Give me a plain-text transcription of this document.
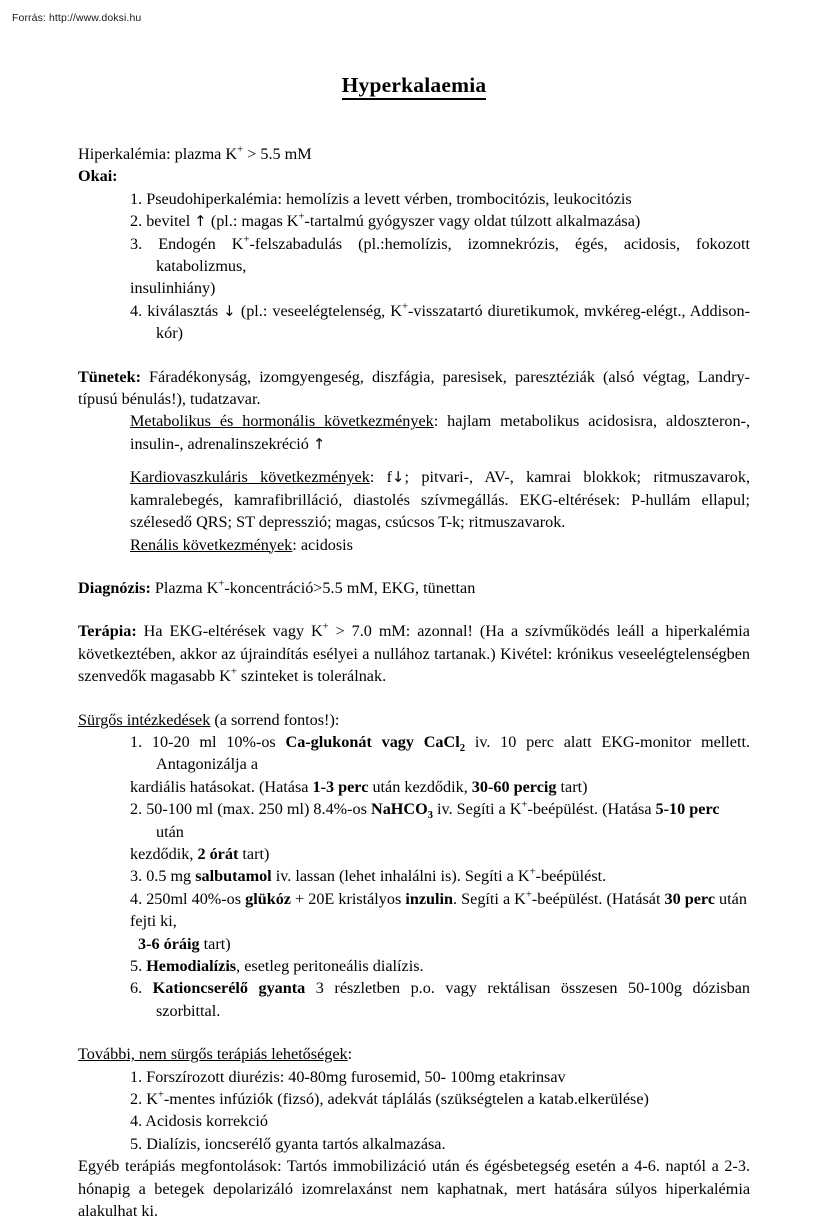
Forrás: http://www.doksi.hu
Hyperkalaemia

Hiperkalémia: plazma K+ > 5.5 mM

Okai:

1. Pseudohiperkalémia: hemolízis a levett vérben, trombocitózis, leukocitózis

2. bevitel ↑ (pl.: magas K+-tartalmú gyógyszer vagy oldat túlzott alkalmazása)

3. Endogén K+-felszabadulás (pl.:hemolízis, izomnekrózis, égés, acidosis, fokozott katabolizmus,

insulinhiány)

4. kiválasztás ↓ (pl.: veseelégtelenség, K+-visszatartó diuretikumok, mvkéreg-elégt., Addison-kór)

Tünetek: Fáradékonyság, izomgyengeség, diszfágia, paresisek, paresztéziák (alsó végtag, Landry-típusú bénulás!), tudatzavar.

Metabolikus és hormonális következmények: hajlam metabolikus acidosisra, aldoszteron-, insulin-, adrenalinszekréció ↑

Kardiovaszkuláris következmények: f↓; pitvari-, AV-, kamrai blokkok; ritmuszavarok, kamralebegés, kamrafibrilláció, diastolés szívmegállás. EKG-eltérések: P-hullám ellapul; szélesedő QRS; ST depresszió; magas, csúcsos T-k; ritmuszavarok.

Renális következmények: acidosis

Diagnózis: Plazma K+-koncentráció>5.5 mM, EKG, tünettan

Terápia: Ha EKG-eltérések vagy K+ > 7.0 mM: azonnal! (Ha a szívműködés leáll a hiperkalémia következtében, akkor az újraindítás esélyei a nullához tartanak.) Kivétel: krónikus veseelégtelenségben szenvedők magasabb K+ szinteket is tolerálnak.

Sürgős intézkedések (a sorrend fontos!):

1. 10-20 ml 10%-os Ca-glukonát vagy CaCl$_2$ iv. 10 perc alatt EKG-monitor mellett. Antagonizálja a

kardiális hatásokat. (Hatása 1-3 perc után kezdődik, 30-60 percig tart)

2. 50-100 ml (max. 250 ml) 8.4%-os NaHCO$_3$ iv. Segíti a K+-beépülést. (Hatása 5-10 perc után

kezdődik, 2 órát tart)

3. 0.5 mg salbutamol iv. lassan (lehet inhalálni is). Segíti a K+-beépülést.

4. 250ml 40%-os glükóz + 20E kristályos inzulin. Segíti a K+-beépülést. (Hatását 30 perc után fejti ki,

3-6 óráig tart)

5. Hemodialízis, esetleg peritoneális dialízis.

6. Kationcserélő gyanta 3 részletben p.o. vagy rektálisan összesen 50-100g dózisban szorbittal.

További, nem sürgős terápiás lehetőségek:

1. Forszírozott diurézis: 40-80mg furosemid, 50- 100mg etakrinsav

2. K+-mentes infúziók (fizsó), adekvát táplálás (szükségtelen a katab.elkerülése)

4. Acidosis korrekció

5. Dialízis, ioncserélő gyanta tartós alkalmazása.

Egyéb terápiás megfontolások: Tartós immobilizáció után és égésbetegség esetén a 4-6. naptól a 2-3. hónapig a betegek depolarizáló izomrelaxánst nem kaphatnak, mert hatására súlyos hiperkalémia alakulhat ki.
